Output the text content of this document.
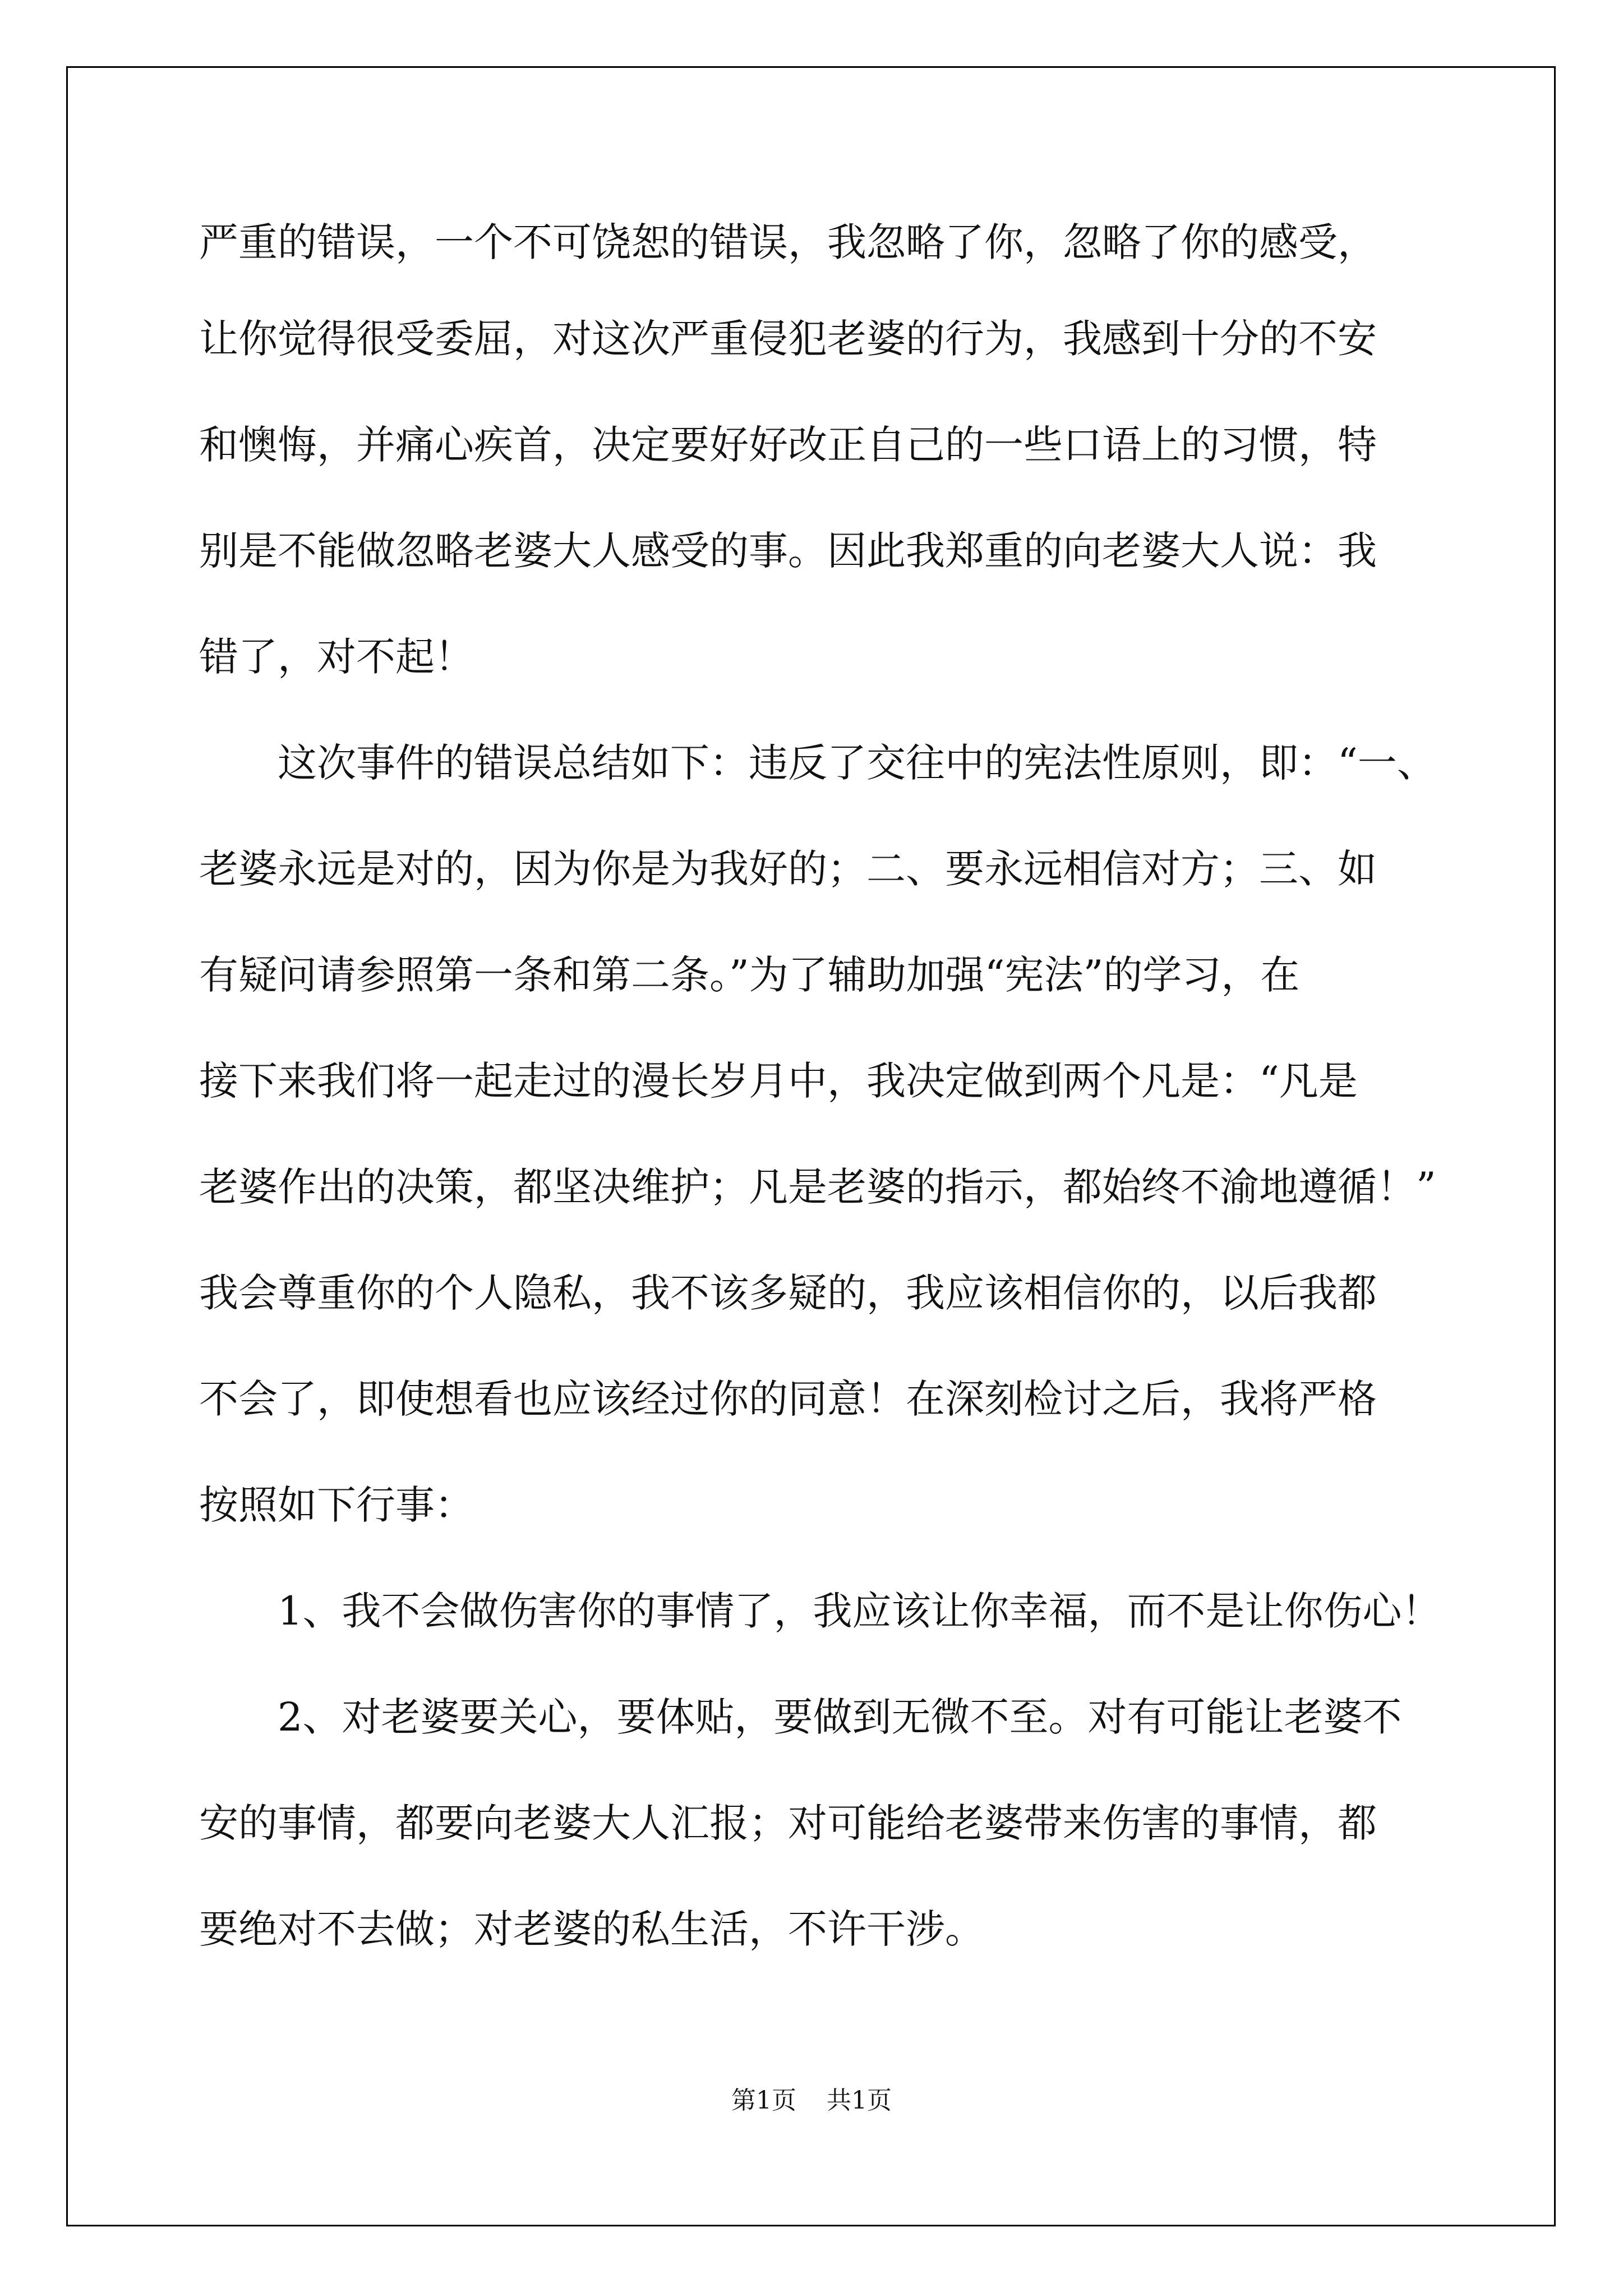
严重的错误，一个不可饶恕的错误，我忽略了你，忽略了你的感受，
让你觉得很受委屈，对这次严重侵犯老婆的行为，我感到十分的不安
和懊悔，并痛心疾首，决定要好好改正自己的一些口语上的习惯，特
别是不能做忽略老婆大人感受的事。因此我郑重的向老婆大人说：我
错了，对不起！
这次事件的错误总结如下：违反了交往中的宪法性原则，即：“一、
老婆永远是对的，因为你是为我好的；二、要永远相信对方；三、如
有疑问请参照第一条和第二条。”为了辅助加强“宪法”的学习，在
接下来我们将一起走过的漫长岁月中，我决定做到两个凡是：“凡是
老婆作出的决策，都坚决维护；凡是老婆的指示，都始终不渝地遵循！”
我会尊重你的个人隐私，我不该多疑的，我应该相信你的，以后我都
不会了，即使想看也应该经过你的同意！在深刻检讨之后，我将严格
按照如下行事：
1、我不会做伤害你的事情了，我应该让你幸福，而不是让你伤心！
2、对老婆要关心，要体贴，要做到无微不至。对有可能让老婆不
安的事情，都要向老婆大人汇报；对可能给老婆带来伤害的事情，都
要绝对不去做；对老婆的私生活，不许干涉。
第1页 共1页
